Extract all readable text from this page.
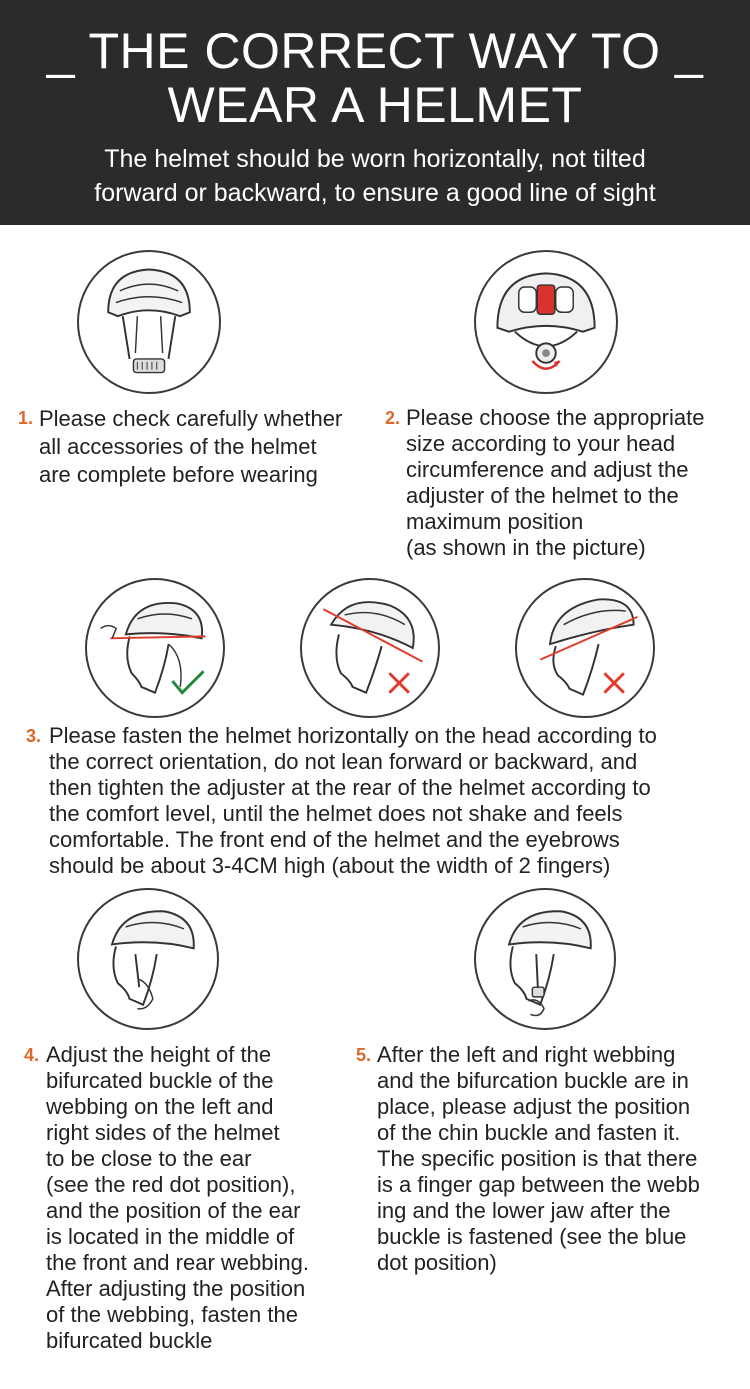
_ THE CORRECT WAY TO _
WEAR A HELMET
The helmet should be worn horizontally, not tilted
forward or backward, to ensure a good line of sight
1. Please check carefully whether
all accessories of the helmet
are complete before wearing
2. Please choose the appropriate
size according to your head
circumference and adjust the
adjuster of the helmet to the
maximum position
(as shown in the picture)
3. Please fasten the helmet horizontally on the head according to
the correct orientation, do not lean forward or backward, and
then tighten the adjuster at the rear of the helmet according to
the comfort level, until the helmet does not shake and feels
comfortable. The front end of the helmet and the eyebrows
should be about 3-4CM high (about the width of 2 fingers)
4. Adjust the height of the
bifurcated buckle of the
webbing on the left and
right sides of the helmet
to be close to the ear
(see the red dot position),
and the position of the ear
is located in the middle of
the front and rear webbing.
After adjusting the position
of the webbing, fasten the
bifurcated buckle
5. After the left and right webbing
and the bifurcation buckle are in
place, please adjust the position
of the chin buckle and fasten it.
The specific position is that there
is a finger gap between the webb
ing and the lower jaw after the
buckle is fastened (see the blue
dot position)
